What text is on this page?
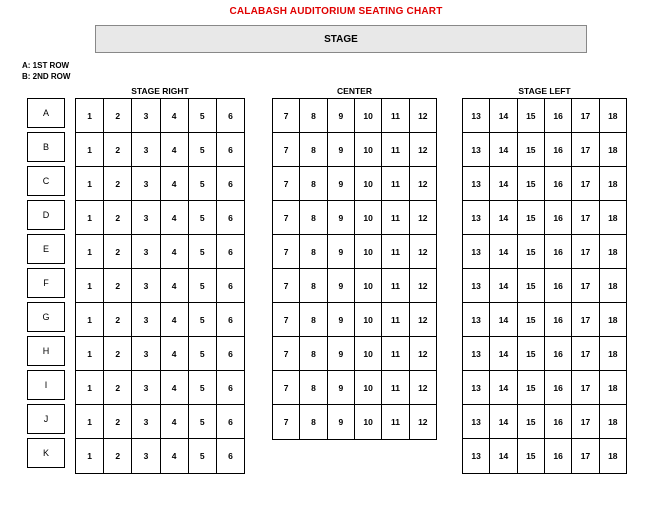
CALABASH AUDITORIUM SEATING CHART
STAGE
A: 1ST ROW
B: 2ND ROW
STAGE RIGHT	CENTER	STAGE LEFT
A
B
C
D
E
F
G
H
I
J
K
1	2	3	4	5	6
1	2	3	4	5	6
1	2	3	4	5	6
1	2	3	4	5	6
1	2	3	4	5	6
1	2	3	4	5	6
1	2	3	4	5	6
1	2	3	4	5	6
1	2	3	4	5	6
1	2	3	4	5	6
1	2	3	4	5	6
7	8	9	10	11	12
7	8	9	10	11	12
7	8	9	10	11	12
7	8	9	10	11	12
7	8	9	10	11	12
7	8	9	10	11	12
7	8	9	10	11	12
7	8	9	10	11	12
7	8	9	10	11	12
7	8	9	10	11	12
13	14	15	16	17	18
13	14	15	16	17	18
13	14	15	16	17	18
13	14	15	16	17	18
13	14	15	16	17	18
13	14	15	16	17	18
13	14	15	16	17	18
13	14	15	16	17	18
13	14	15	16	17	18
13	14	15	16	17	18
13	14	15	16	17	18
